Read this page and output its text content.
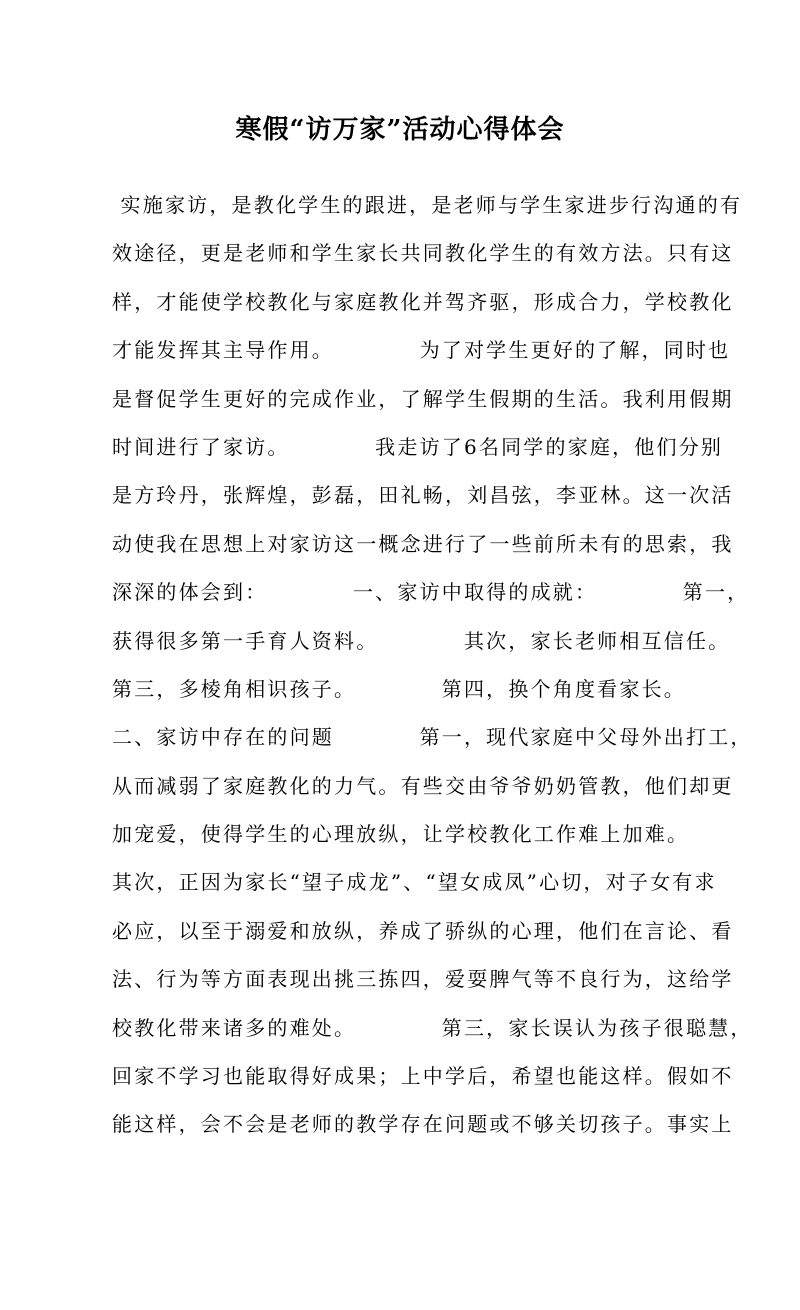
寒假“访万家”活动心得体会

实施家访，是教化学生的跟进，是老师与学生家进步行沟通的有

效途径，更是老师和学生家长共同教化学生的有效方法。只有这

样，才能使学校教化与家庭教化并驾齐驱，形成合力，学校教化

才能发挥其主导作用。          为了对学生更好的了解，同时也

是督促学生更好的完成作业，了解学生假期的生活。我利用假期

时间进行了家访。          我走访了6名同学的家庭，他们分别

是方玲丹，张辉煌，彭磊，田礼畅，刘昌弦，李亚林。这一次活

动使我在思想上对家访这一概念进行了一些前所未有的思索，我

深深的体会到：          一、家访中取得的成就：          第一，

获得很多第一手育人资料。          其次，家长老师相互信任。

第三，多棱角相识孩子。          第四，换个角度看家长。

二、家访中存在的问题          第一，现代家庭中父母外出打工，

从而减弱了家庭教化的力气。有些交由爷爷奶奶管教，他们却更

加宠爱，使得学生的心理放纵，让学校教化工作难上加难。

其次，正因为家长“望子成龙”、“望女成凤”心切，对子女有求

必应，以至于溺爱和放纵，养成了骄纵的心理，他们在言论、看

法、行为等方面表现出挑三拣四，爱耍脾气等不良行为，这给学

校教化带来诸多的难处。          第三，家长误认为孩子很聪慧，

回家不学习也能取得好成果；上中学后，希望也能这样。假如不

能这样，会不会是老师的教学存在问题或不够关切孩子。事实上
